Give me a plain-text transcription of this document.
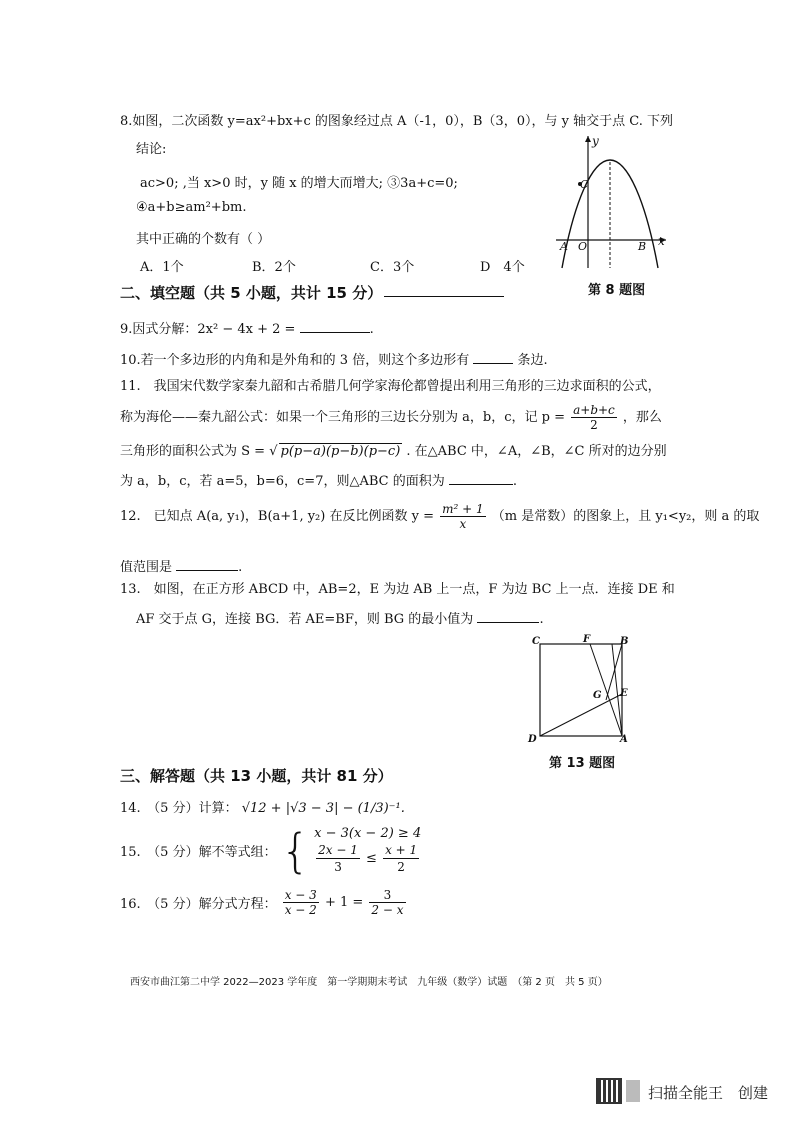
8.如图，二次函数 y=ax²+bx+c 的图象经过点 A（-1，0），B（3，0），与 y 轴交于点 C. 下列
结论:
ac>0; ,当 x>0 时，y 随 x 的增大而增大; ③3a+c=0;
④a+b≥am²+bm.
其中正确的个数有（ ）
A．1个	B．2个	C．3个	D　4个
y
x
A O	B
C
第 8 题图
二、填空题（共 5 小题，共计 15 分）
9.因式分解：2x² − 4x + 2 =	.
10.若一个多边形的内角和是外角和的 3 倍，则这个多边形有	条边.
11.　我国宋代数学家秦九韶和古希腊几何学家海伦都曾提出利用三角形的三边求面积的公式，
称为海伦——秦九韶公式：如果一个三角形的三边长分别为 a，b，c，记 $p = \frac{a+b+c}{2}$ ，那么
三角形的面积公式为 S = √ p(p−a)(p−b)(p−c) . 在△ABC 中，∠A，∠B，∠C 所对的边分别
为 a，b，c，若 a=5，b=6，c=7，则△ABC 的面积为	.
12.　已知点 A(a, y₁)，B(a+1, y₂) 在反比例函数 $y = \frac{\text{m² + 1}}{x} (m$ 是常数）的图象上，且 y₁<y₂，则 a 的取
值范围是	.
13.　如图，在正方形 ABCD 中，AB=2，E 为边 AB 上一点，F 为边 BC 上一点．连接 DE 和
AF 交于点 G，连接 BG．若 AE=BF，则 BG 的最小值为	.
C	F	B
G E
D	A
第 13 题图
三、解答题（共 13 小题，共计 81 分）
14.　（5 分）计算： √12 + |√3 − 3| − (1/3)⁻¹.
15.　（5 分）解不等式组： { x − 3(x − 2) ≥ 4
$\frac{2x - 1}{3} \le \frac{x + 1}{2}$
16.　（5 分）解分式方程： $\frac{x - 3}{x - 2} + 1 = \frac{3}{2 - x}$
西安市曲江第二中学 2022—2023 学年度　第一学期期末考试　九年级（数学）试题　（第 2 页　共 5 页）
扫描全能王　创建
